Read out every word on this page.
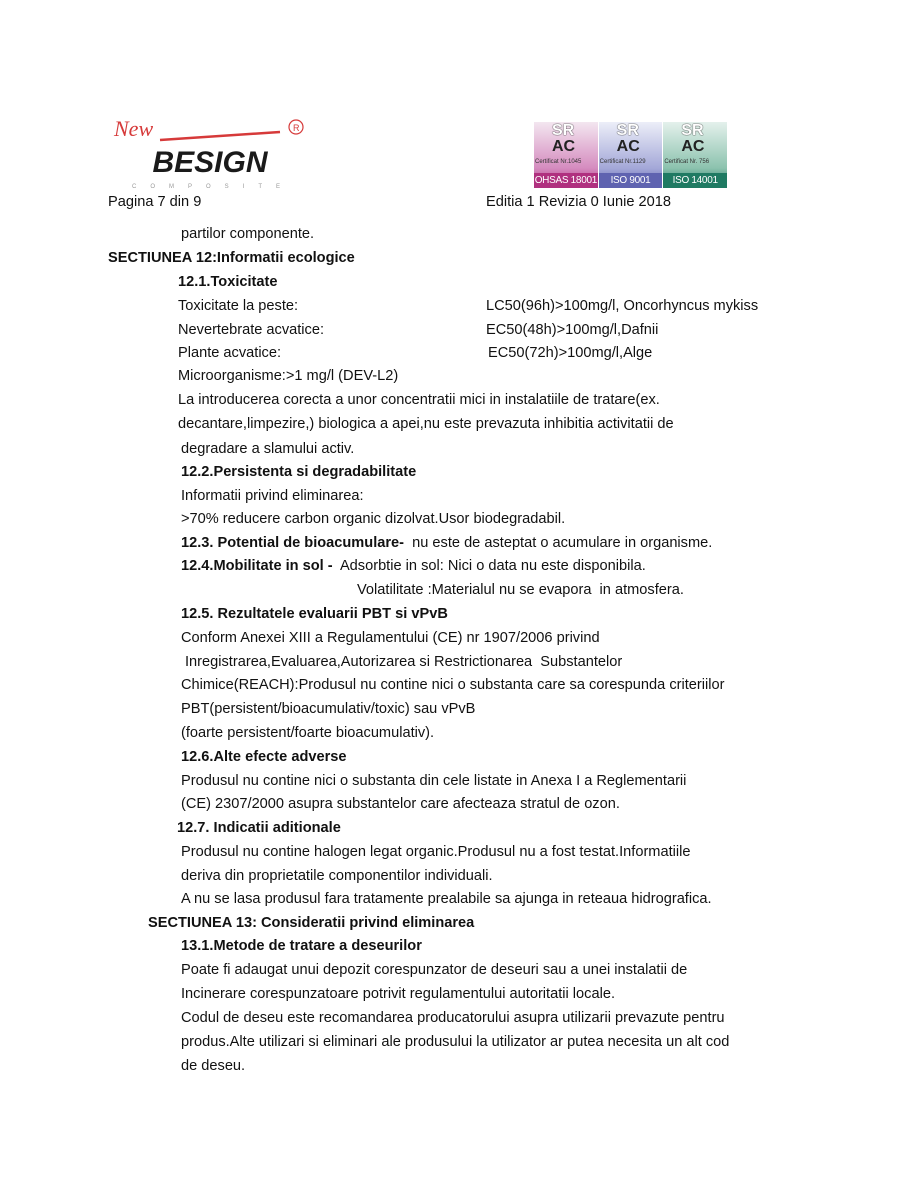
New	R
BESIGN
COMPOSITE
SRAC
Certificat Nr.1045
OHSAS 18001
SRAC
Certificat Nr.1129
ISO 9001
SRAC
Certificat Nr. 756
ISO 14001
Pagina 7 din 9	Editia 1 Revizia 0 Iunie 2018
partilor componente.
SECTIUNEA 12:Informatii ecologice
12.1.Toxicitate
Toxicitate la peste:	LC50(96h)>100mg/l, Oncorhyncus mykiss
Nevertebrate acvatice:	EC50(48h)>100mg/l,Dafnii
Plante acvatice:	EC50(72h)>100mg/l,Alge
Microorganisme:>1 mg/l (DEV-L2)
La introducerea corecta a unor concentratii mici in instalatiile de tratare(ex.
decantare,limpezire,) biologica a apei,nu este prevazuta inhibitia activitatii de
degradare a slamului activ.
12.2.Persistenta si degradabilitate
Informatii privind eliminarea:
>70% reducere carbon organic dizolvat.Usor biodegradabil.
12.3. Potential de bioacumulare-  nu este de asteptat o acumulare in organisme.
12.4.Mobilitate in sol -  Adsorbtie in sol: Nici o data nu este disponibila.
Volatilitate :Materialul nu se evapora  in atmosfera.
12.5. Rezultatele evaluarii PBT si vPvB
Conform Anexei XIII a Regulamentului (CE) nr 1907/2006 privind
Inregistrarea,Evaluarea,Autorizarea si Restrictionarea  Substantelor
Chimice(REACH):Produsul nu contine nici o substanta care sa corespunda criteriilor
PBT(persistent/bioacumulativ/toxic) sau vPvB
(foarte persistent/foarte bioacumulativ).
12.6.Alte efecte adverse
Produsul nu contine nici o substanta din cele listate in Anexa I a Reglementarii
(CE) 2307/2000 asupra substantelor care afecteaza stratul de ozon.
12.7. Indicatii aditionale
Produsul nu contine halogen legat organic.Produsul nu a fost testat.Informatiile
deriva din proprietatile componentilor individuali.
A nu se lasa produsul fara tratamente prealabile sa ajunga in reteaua hidrografica.
SECTIUNEA 13: Consideratii privind eliminarea
13.1.Metode de tratare a deseurilor
Poate fi adaugat unui depozit corespunzator de deseuri sau a unei instalatii de
Incinerare corespunzatoare potrivit regulamentului autoritatii locale.
Codul de deseu este recomandarea producatorului asupra utilizarii prevazute pentru
produs.Alte utilizari si eliminari ale produsului la utilizator ar putea necesita un alt cod
de deseu.
